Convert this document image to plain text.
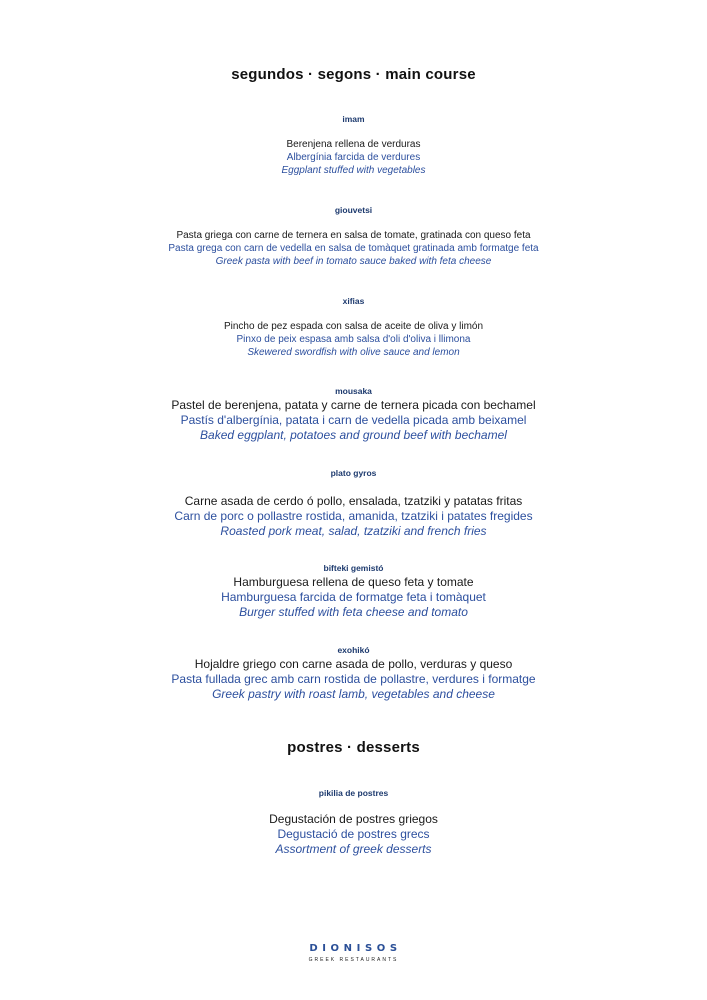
segundos · segons · main course
imam
Berenjena rellena de verduras
Albergínia farcida de verdures
Eggplant stuffed with vegetables
giouvetsi
Pasta griega con carne de ternera en salsa de tomate, gratinada con queso feta
Pasta grega con carn de vedella en salsa de tomàquet gratinada amb formatge feta
Greek pasta with beef in tomato sauce baked with feta cheese
xifias
Pincho de pez espada con salsa de aceite de oliva y limón
Pinxo de peix espasa amb salsa d'oli d'oliva i llimona
Skewered swordfish with olive sauce and lemon
mousaka
Pastel de berenjena, patata y carne de ternera picada con bechamel
Pastís d'albergínia, patata i carn de vedella picada amb beixamel
Baked eggplant, potatoes and ground beef with bechamel
plato gyros
Carne asada de cerdo ó pollo, ensalada, tzatziki y patatas fritas
Carn de porc o pollastre rostida, amanida, tzatziki i patates fregides
Roasted pork meat, salad, tzatziki and french fries
bifteki gemistó
Hamburguesa rellena de queso feta y tomate
Hamburguesa farcida de formatge feta i tomàquet
Burger stuffed with feta cheese and tomato
exohikó
Hojaldre griego con carne asada de pollo, verduras y queso
Pasta fullada grec amb carn rostida de pollastre, verdures i formatge
Greek pastry with roast lamb, vegetables and cheese
postres · desserts
pikilia de postres
Degustación de postres griegos
Degustació de postres grecs
Assortment of greek desserts
DIONISOS
GREEK RESTAURANTS
